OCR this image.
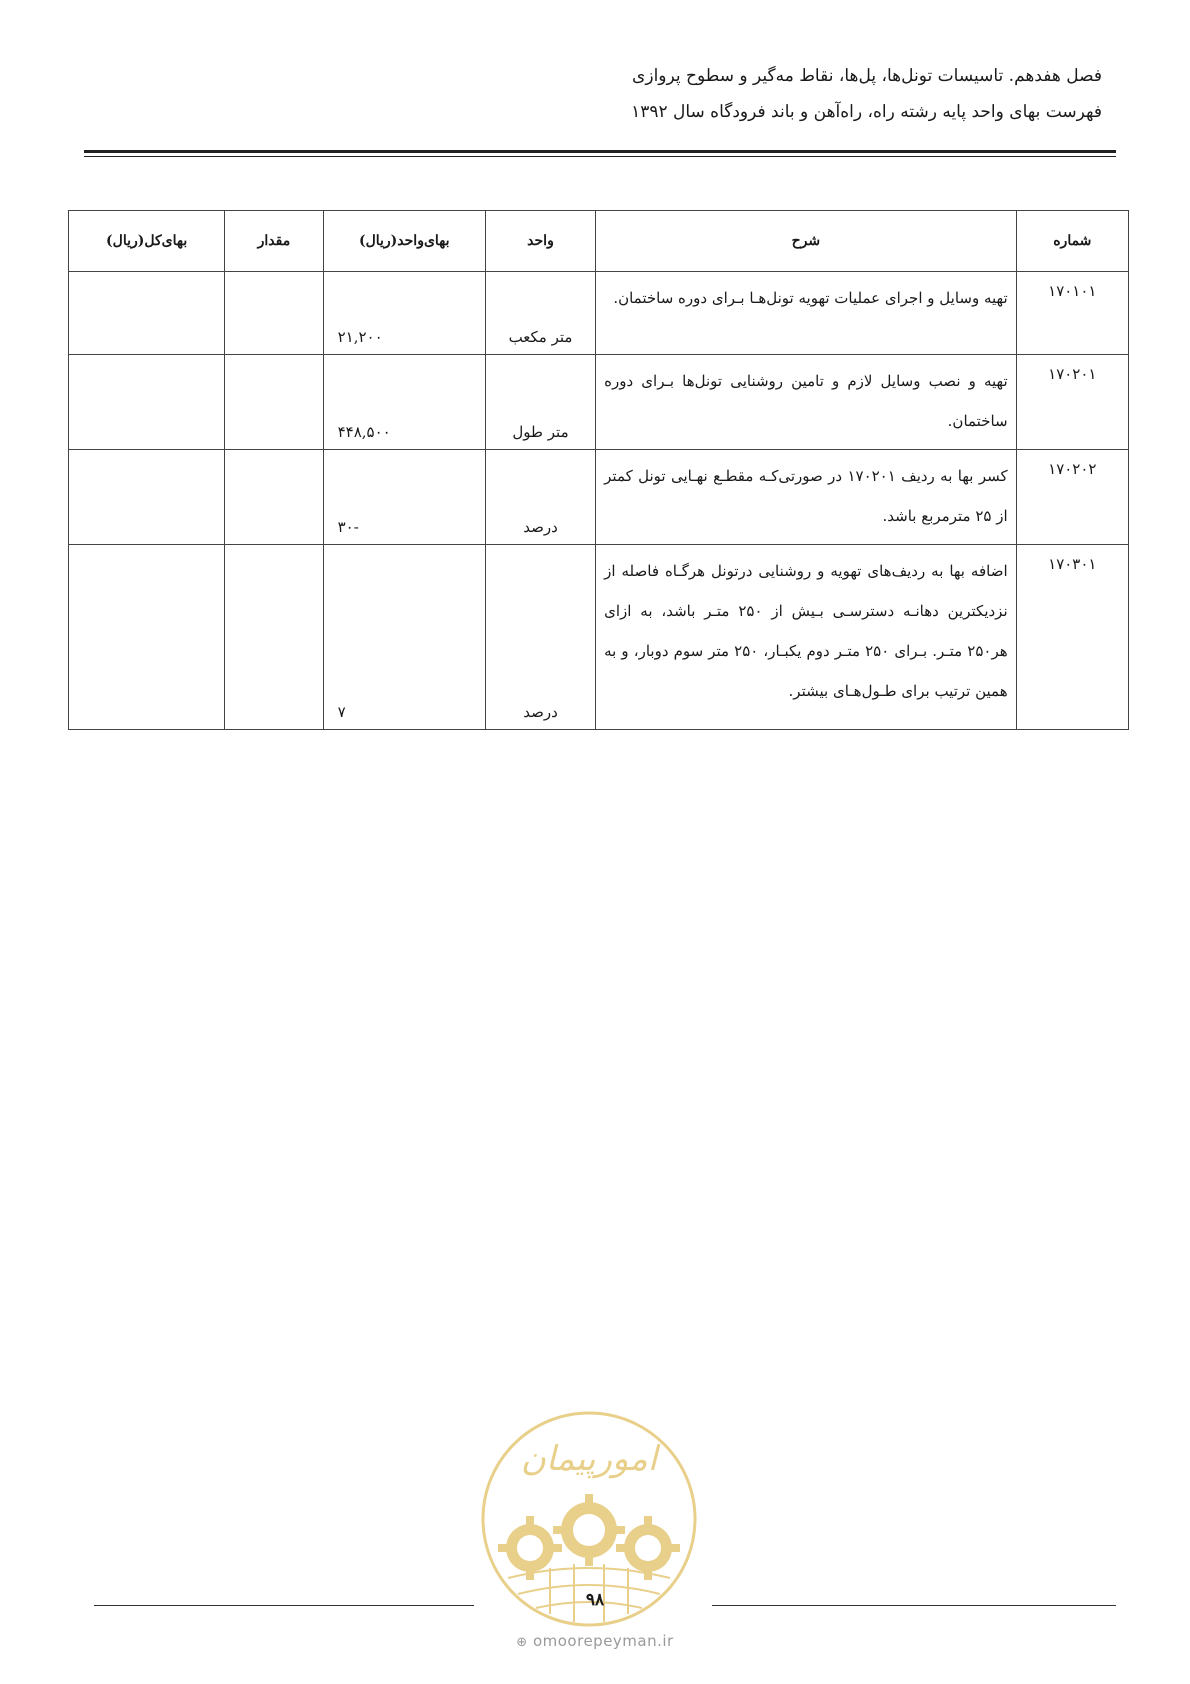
فصل هفدهم. تاسیسات تونل‌ها، پل‌ها، نقاط مه‌گیر و سطوح پروازی
فهرست بهای واحد پایه رشته راه، راه‌آهن و باند فرودگاه سال ۱۳۹۲
شماره	شرح	واحد	بهای‌واحد(ریال)	مقدار	بهای‌کل(ریال)
۱۷۰۱۰۱	تهیه وسایل و اجرای عملیات تهویه تونل‌هـا بـرای دوره ساختمان.	متر مکعب	۲۱,۲۰۰		
۱۷۰۲۰۱	تهیه و نصب وسایل لازم و تامین روشنایی تونل‌ها بـرای دوره ساختمان.	متر طول	۴۴۸,۵۰۰		
۱۷۰۲۰۲	کسر بها به ردیف ۱۷۰۲۰۱ در صورتی‌کـه مقطـع نهـایی تونل کمتر از ۲۵ مترمربع باشد.	درصد	-۳۰		
۱۷۰۳۰۱	اضافه بها به ردیف‌های تهویه و روشنایی درتونل هرگـاه فاصله از نزدیکترین دهانـه دسترسـی بـیش از ۲۵۰ متـر باشد، به ازای هر۲۵۰ متـر. بـرای ۲۵۰ متـر دوم یکبـار، ۲۵۰ متر سوم دوبار، و به همین ترتیب برای طـول‌هـای بیشتر.	درصد	۷		
امورپیمان
۹۸
⊕ omoorepeyman.ir
